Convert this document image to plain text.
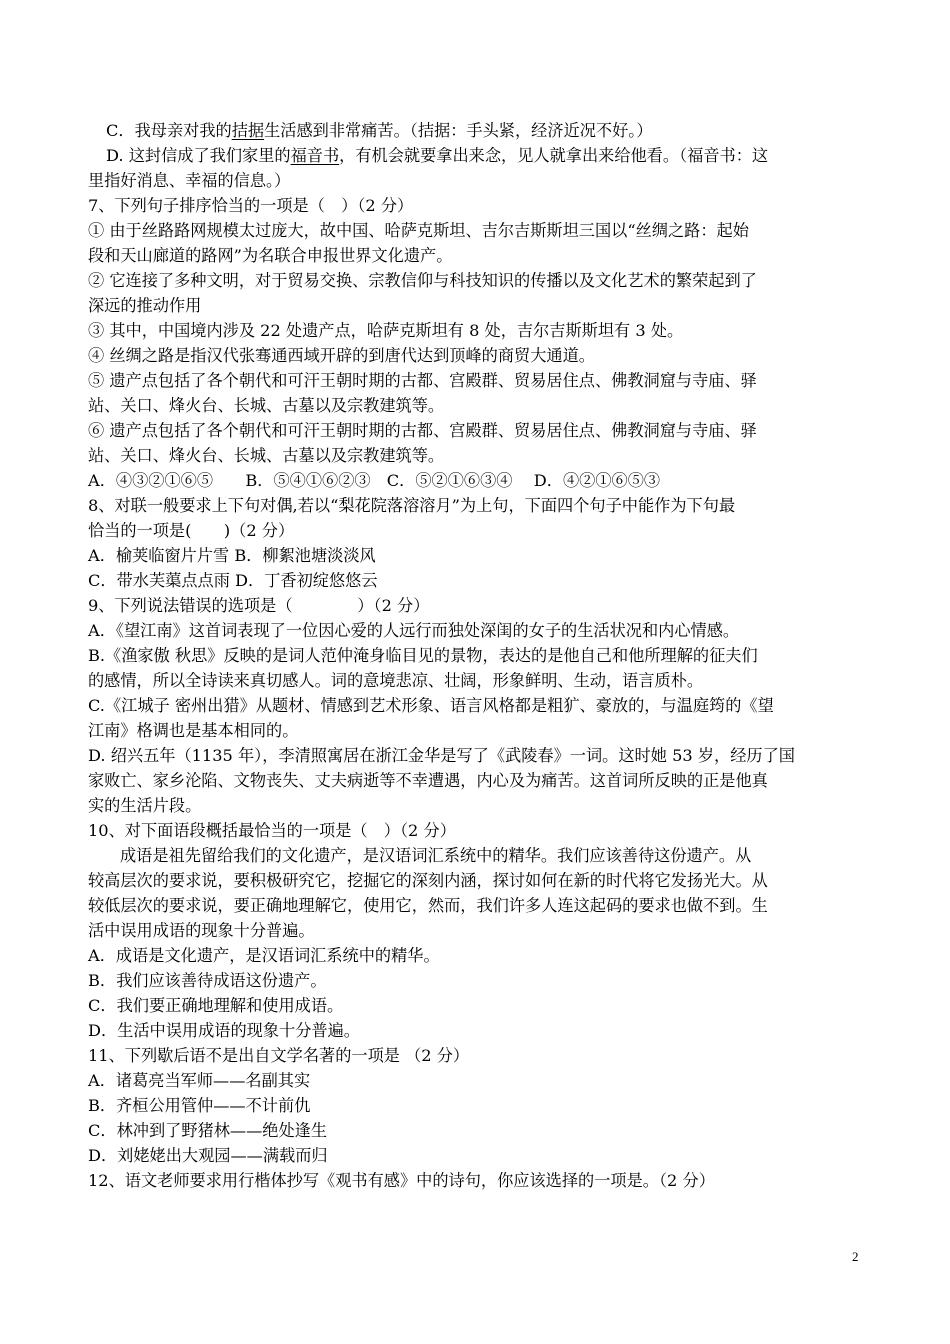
C．我母亲对我的拮据生活感到非常痛苦。（拮据：手头紧，经济近况不好。）
D. 这封信成了我们家里的福音书，有机会就要拿出来念，见人就拿出来给他看。（福音书：这
里指好消息、幸福的信息。）
7、下列句子排序恰当的一项是（　）（2 分）
① 由于丝路路网规模太过庞大，故中国、哈萨克斯坦、吉尔吉斯斯坦三国以“丝绸之路：起始
段和天山廊道的路网”为名联合申报世界文化遗产。
② 它连接了多种文明，对于贸易交换、宗教信仰与科技知识的传播以及文化艺术的繁荣起到了
深远的推动作用
③ 其中，中国境内涉及 22 处遗产点，哈萨克斯坦有 8 处，吉尔吉斯斯坦有 3 处。
④ 丝绸之路是指汉代张骞通西域开辟的到唐代达到顶峰的商贸大通道。
⑤ 遗产点包括了各个朝代和可汗王朝时期的古都、宫殿群、贸易居住点、佛教洞窟与寺庙、驿
站、关口、烽火台、长城、古墓以及宗教建筑等。
⑥ 遗产点包括了各个朝代和可汗王朝时期的古都、宫殿群、贸易居住点、佛教洞窟与寺庙、驿
站、关口、烽火台、长城、古墓以及宗教建筑等。
A．④③②①⑥⑤　　B．⑤④①⑥②③　C．⑤②①⑥③④　 D．④②①⑥⑤③
8、对联一般要求上下句对偶,若以“梨花院落溶溶月”为上句，下面四个句子中能作为下句最
恰当的一项是(　　)（2 分）
A．榆荚临窗片片雪 B．柳絮池塘淡淡风
C．带水芙蕖点点雨 D．丁香初绽悠悠云
9、下列说法错误的选项是（　　　　）（2 分）
A．《望江南》这首词表现了一位因心爱的人远行而独处深闺的女子的生活状况和内心情感。
B.《渔家傲 秋思》反映的是词人范仲淹身临目见的景物，表达的是他自己和他所理解的征夫们
的感情，所以全诗读来真切感人。词的意境悲凉、壮阔，形象鲜明、生动，语言质朴。
C.《江城子 密州出猎》从题材、情感到艺术形象、语言风格都是粗犷、豪放的，与温庭筠的《望
江南》格调也是基本相同的。
D. 绍兴五年（1135 年），李清照寓居在浙江金华是写了《武陵春》一词。这时她 53 岁，经历了国
家败亡、家乡沦陷、文物丧失、丈夫病逝等不幸遭遇，内心及为痛苦。这首词所反映的正是他真
实的生活片段。
10、对下面语段概括最恰当的一项是（　）（2 分）
成语是祖先留给我们的文化遗产，是汉语词汇系统中的精华。我们应该善待这份遗产。从
较高层次的要求说，要积极研究它，挖掘它的深刻内涵，探讨如何在新的时代将它发扬光大。从
较低层次的要求说，要正确地理解它，使用它，然而，我们许多人连这起码的要求也做不到。生
活中误用成语的现象十分普遍。
A．成语是文化遗产，是汉语词汇系统中的精华。
B．我们应该善待成语这份遗产。
C．我们要正确地理解和使用成语。
D．生活中误用成语的现象十分普遍。
11、下列歇后语不是出自文学名著的一项是 （2 分）
A．诸葛亮当军师——名副其实
B．齐桓公用管仲——不计前仇
C．林冲到了野猪林——绝处逢生
D．刘姥姥出大观园——满载而归
12、语文老师要求用行楷体抄写《观书有感》中的诗句，你应该选择的一项是。（2 分）
2
